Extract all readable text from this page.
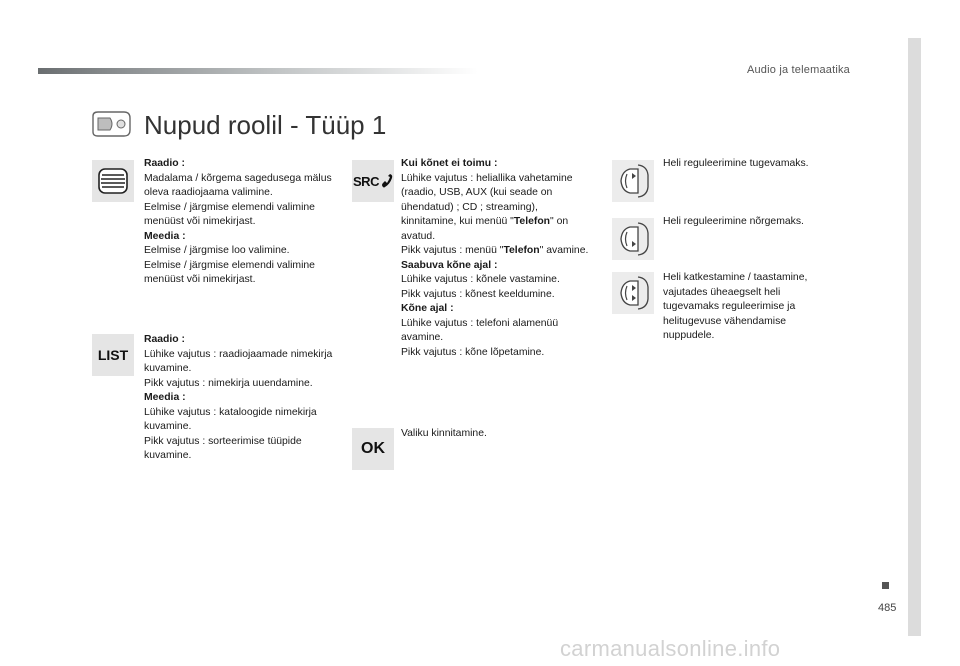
Audio ja telemaatika
485
carmanualsonline.info
Nupud roolil - Tüüp 1
Raadio :
Madalama / kõrgema sagedusega mälus oleva raadiojaama valimine.
Eelmise / järgmise elemendi valimine menüüst või nimekirjast.
Meedia :
Eelmise / järgmise loo valimine.
Eelmise / järgmise elemendi valimine menüüst või nimekirjast.
LIST
Raadio :
Lühike vajutus : raadiojaamade nimekirja kuvamine.
Pikk vajutus : nimekirja uuendamine.
Meedia :
Lühike vajutus : kataloogide nimekirja kuvamine.
Pikk vajutus : sorteerimise tüüpide kuvamine.
SRC
Kui kõnet ei toimu :
Lühike vajutus : heliallika vahetamine (raadio, USB, AUX (kui seade on ühendatud) ; CD ; streaming), kinnitamine, kui menüü "Telefon" on avatud.
Pikk vajutus : menüü "Telefon" avamine.
Saabuva kõne ajal :
Lühike vajutus : kõnele vastamine.
Pikk vajutus : kõnest keeldumine.
Kõne ajal :
Lühike vajutus : telefoni alamenüü avamine.
Pikk vajutus : kõne lõpetamine.
OK
Valiku kinnitamine.
Heli reguleerimine tugevamaks.
Heli reguleerimine nõrgemaks.
Heli katkestamine / taastamine, vajutades üheaegselt heli tugevamaks reguleerimise ja helitugevuse vähendamise nuppudele.
